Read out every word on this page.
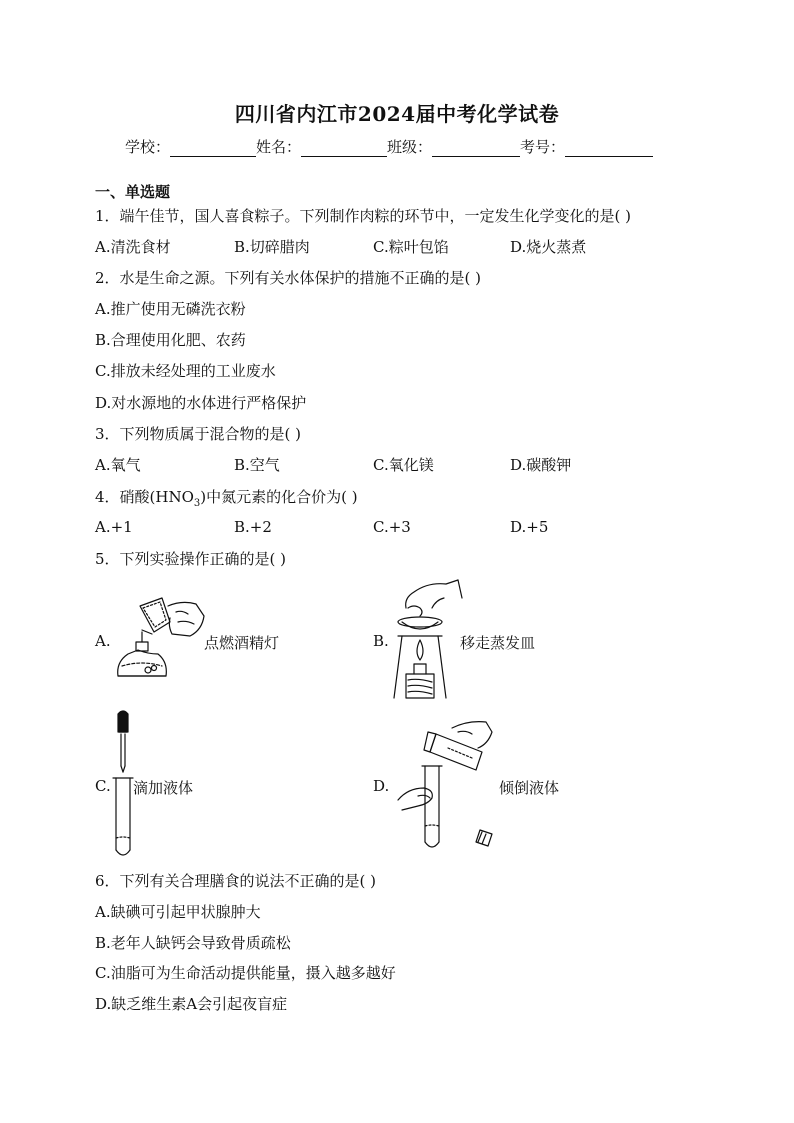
四川省内江市2024届中考化学试卷
学校：	姓名：	班级：	考号：
一、单选题
1．端午佳节，国人喜食粽子。下列制作肉粽的环节中，一定发生化学变化的是( )
A.清洗食材	B.切碎腊肉	C.粽叶包馅	D.烧火蒸煮
2．水是生命之源。下列有关水体保护的措施不正确的是( )
A.推广使用无磷洗衣粉
B.合理使用化肥、农药
C.排放未经处理的工业废水
D.对水源地的水体进行严格保护
3．下列物质属于混合物的是( )
A.氧气	B.空气	C.氧化镁	D.碳酸钾
4．硝酸$(HNO_3)$中氮元素的化合价为( )
A.+1	B.+2	C.+3	D.+5
5．下列实验操作正确的是( )
A.	点燃酒精灯	B.	移走蒸发皿
C. 滴加液体	D.	倾倒液体
6．下列有关合理膳食的说法不正确的是( )
A.缺碘可引起甲状腺肿大
B.老年人缺钙会导致骨质疏松
C.油脂可为生命活动提供能量，摄入越多越好
D.缺乏维生素A会引起夜盲症
